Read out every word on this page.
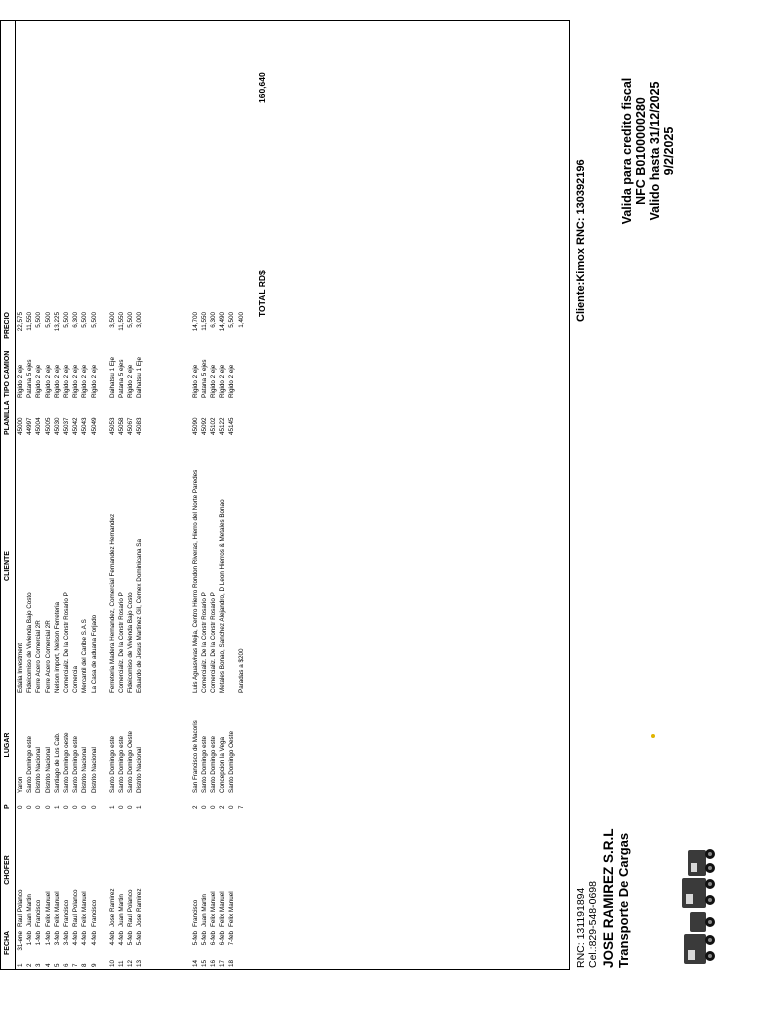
Transporte De Cargas
JOSE RAMIREZ S.R.L
Cel.:829-548-0698
RNC: 131191894
Valida para credito fiscal NFC B0100000280 Valido hasta 31/12/2025 9/2/2025
Cliente:Kimox RNC: 130392196
FECHA
CHOFER
P
LUGAR
CLIENTE
PLANILLA
TIPO CAMION
PRECIO
1
31-ene
Raul Polanco
0
Yaron
Edalia Investment
45000
Rigido 2 eje
22,575
2
1-feb
Juan Martin
0
Santo Domingo este
Fideicomiso de Vivienda Bajo Costo
44997
Patana 5 ejes
11,550
3
1-feb
Francisco
0
Distrito Nacional
Ferre Acero Comercial 2R
45004
Rigido 2 eje
5,500
4
1-feb
Felix Manuel
0
Distrito Nacional
Ferre Acero Comercial 2R
45005
Rigido 2 eje
5,500
5
3-feb
Felix Manuel
1
Santiago de Los Cab.
Nelson import, Nelson Ferreteria
45030
Rigido 2 eje
13,225
6
3-feb
Francisco
0
Santo Domingo oeste
Comercializ. De la Constr Rosario P
45037
Rigido 2 eje
5,500
7
4-feb
Raul Polanco
0
Santo Domingo este
Comercia
45042
Rigido 2 eje
6,300
8
4-feb
Felix Manuel
0
Distrito Nacional
Mercantil del Caribe S.A.S
45043
Rigido 2 eje
5,500
9
4-feb
Francisco
0
Distrito Nacional
La Casa de aduana Forjado
45049
Rigido 2 eje
5,500
10
4-feb
Jose Ramirez
1
Santo Domingo este
Ferreteria Madera Hernandez, Comercial Fernandez Hernandez
45053
Daihatsu 1 Eje
3,500
11
4-feb
Juan Martin
0
Santo Domingo este
Comercializ. De la Constr Rosario P
45058
Patana 5 ejes
11,550
12
5-feb
Raul Polanco
0
Santo Domingo Oeste
Fideicomiso de Vivienda Bajo Costo
45067
Rigido 2 eje
5,500
13
5-feb
Jose Ramirez
1
Distrito Nacional
Eduardo de Jesus Martinez Gil, Cemex Dominicana Sa
45083
Daihatsu 1 Eje
3,000
14
5-feb
Francisco
2
San Francisco de Macoris
Luis Aguasvivas Mejia, Centro Hierro Rondon Riveras, Hierro del Norte Paredes
45090
Rigido 2 eje
14,700
15
5-feb
Juan Martin
0
Santo Domingo este
Comercializ. De la Constr Rosario P
45092
Patana 5 ejes
11,550
16
6-feb
Felix Manuel
0
Santo Domingo este
Comercializ. De la Constr Rosario P
45102
Rigido 2 eje
6,300
17
6-feb
Felix Manuel
2
Concepcion la Vega
Metales Bonao, Sanchez Alejandro, D Leon Hierros & Metales Bonao
45122
Rigido 2 eje
14,490
18
7-feb
Felix Manuel
0
Santo Domingo Oeste
45145
Rigido 2 eje
5,500
7
Paradas a $200
1,400
TOTAL RD$
160,640
